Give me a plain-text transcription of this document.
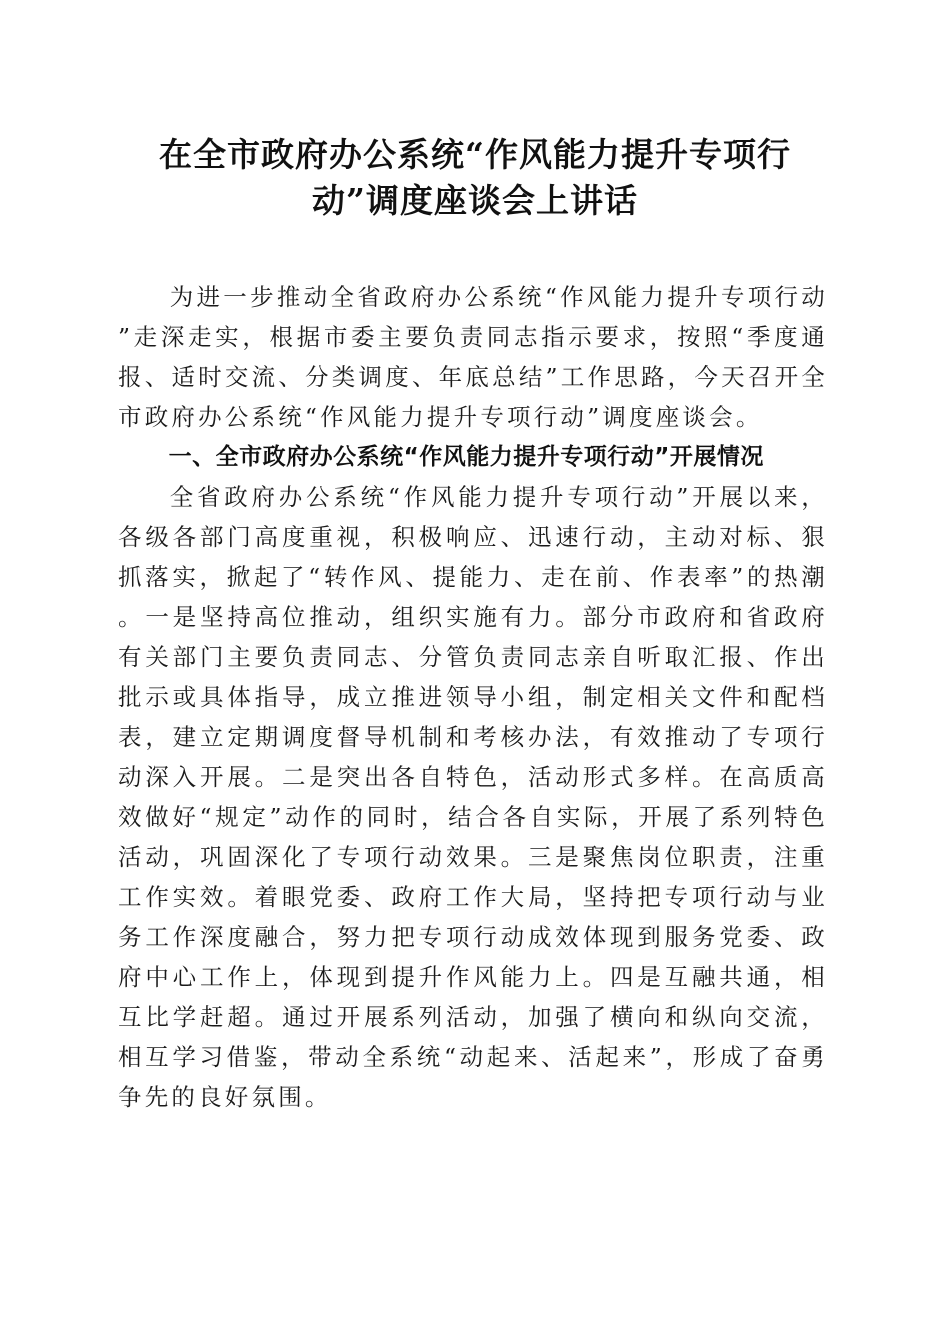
在全市政府办公系统“作风能力提升专项行动”调度座谈会上讲话

为进一步推动全省政府办公系统“作风能力提升专项行动”走深走实，根据市委主要负责同志指示要求，按照“季度通报、适时交流、分类调度、年底总结”工作思路，今天召开全市政府办公系统“作风能力提升专项行动”调度座谈会。

一、全市政府办公系统“作风能力提升专项行动”开展情况

全省政府办公系统“作风能力提升专项行动”开展以来，各级各部门高度重视，积极响应、迅速行动，主动对标、狠抓落实，掀起了“转作风、提能力、走在前、作表率”的热潮。一是坚持高位推动，组织实施有力。部分市政府和省政府有关部门主要负责同志、分管负责同志亲自听取汇报、作出批示或具体指导，成立推进领导小组，制定相关文件和配档表，建立定期调度督导机制和考核办法，有效推动了专项行动深入开展。二是突出各自特色，活动形式多样。在高质高效做好“规定”动作的同时，结合各自实际，开展了系列特色活动，巩固深化了专项行动效果。三是聚焦岗位职责，注重工作实效。着眼党委、政府工作大局，坚持把专项行动与业务工作深度融合，努力把专项行动成效体现到服务党委、政府中心工作上，体现到提升作风能力上。四是互融共通，相互比学赶超。通过开展系列活动，加强了横向和纵向交流，相互学习借鉴，带动全系统“动起来、活起来”，形成了奋勇争先的良好氛围。
